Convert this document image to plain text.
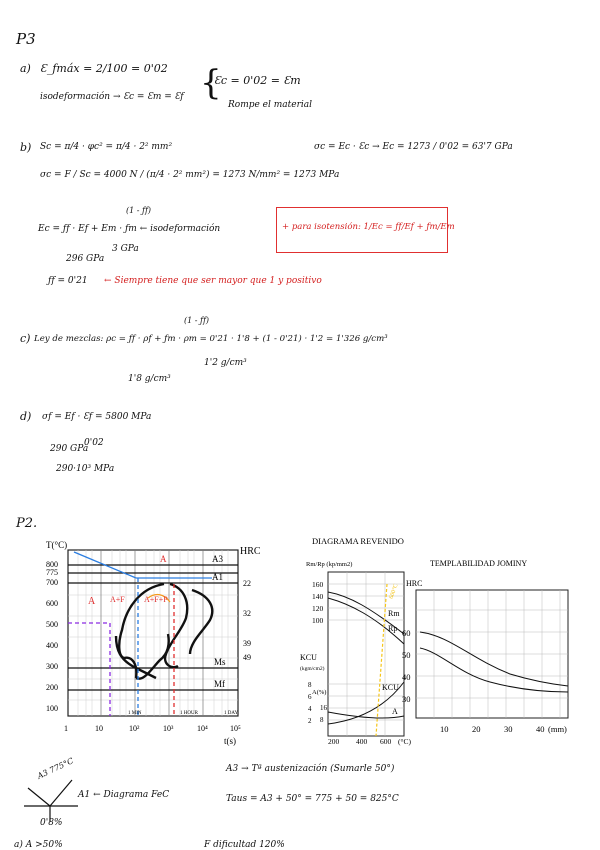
P3
a) Ɛ_fmáx = 2/100 = 0'02
isodeformación → Ɛc = Ɛm = Ɛf {
Ɛc = 0'02 = Ɛm
Rompe el material
b) Sc = π/4 · φc² = π/4 · 2² mm²
σc = F / Sc = 4000 N / (π/4 · 2² mm²) = 1273 N/mm² = 1273 MPa
σc = Ec · Ɛc → Ec = 1273 / 0'02 = 63'7 GPa
Ec = ƒf · Ef + Em · ƒm ← isodeformación
(1 - ƒf)
296 GPa
3 GPa
ƒf = 0'21 ← Siempre tiene que ser mayor que 1 y positivo
+ para isotensión: 1/Ec = ƒf/Ef + ƒm/Em
c) Ley de mezclas: ρc = ƒf · ρf + ƒm · ρm = 0'21 · 1'8 + (1 - 0'21) · 1'2 = 1'326 g/cm³
(1 - ƒf)
1'8 g/cm³
1'2 g/cm³
d) σf = Ef · Ɛf = 5800 MPa
290 GPa
0'02
290·10³ MPa
P2.
T(°C)
t(s)
HRC
800
775
700
600
500
400
300
200
100
1	10	10²	10³	10⁴	10⁵
22
32
39
49
A3
A1
Ms
Mf
A
A A+F A+F+P
1 MIN	1 HOUR	1 DAY
DIAGRAMA REVENIDO
Rm/Rp (kp/mm2)
600°C
160
140
120
100
KCU
(kgm/cm2)
8
6
4
2
A(%)
16
8
200 400 600 (°C)
Rm
Rp
KCU
A
TEMPLABILIDAD JOMINY
HRC
60
50
40
30
10	20	30	40 (mm)
A3 775°C
A1 ← Diagrama FeC
0'8%
A3 → Tª austenización (Sumarle 50°)
Taus = A3 + 50° = 775 + 50 = 825°C
a) A >50%	F dificultad 120%
